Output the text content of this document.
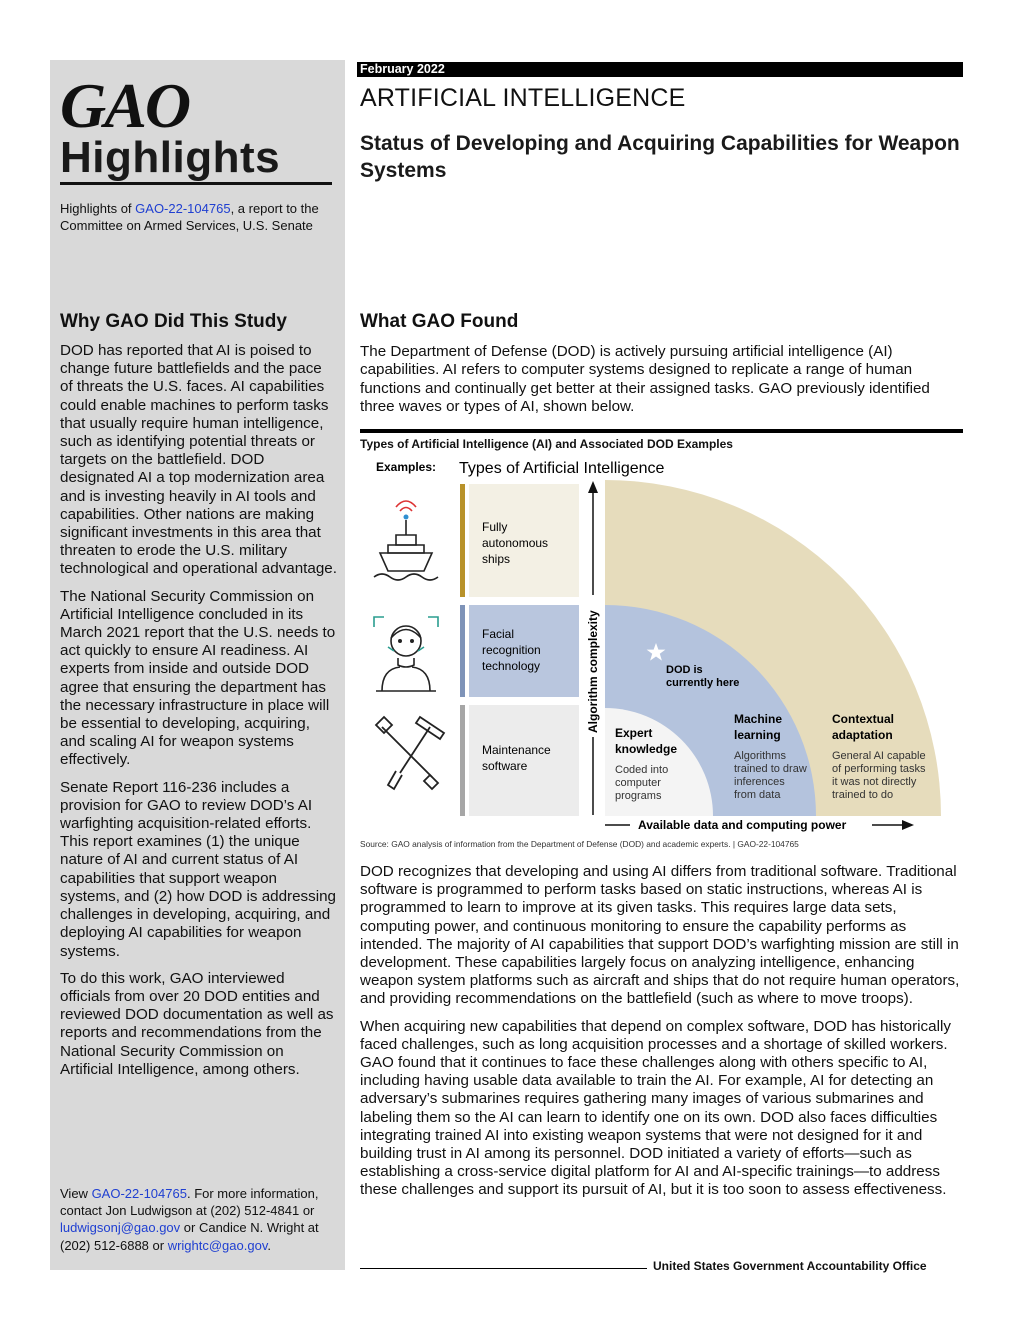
GAO
Highlights
Highlights of GAO-22-104765, a report to the Committee on Armed Services, U.S. Senate
Why GAO Did This Study

DOD has reported that AI is poised to change future battlefields and the pace of threats the U.S. faces. AI capabilities could enable machines to perform tasks that usually require human intelligence, such as identifying potential threats or targets on the battlefield. DOD designated AI a top modernization area and is investing heavily in AI tools and capabilities. Other nations are making significant investments in this area that threaten to erode the U.S. military technological and operational advantage.

The National Security Commission on Artificial Intelligence concluded in its March 2021 report that the U.S. needs to act quickly to ensure AI readiness. AI experts from inside and outside DOD agree that ensuring the department has the necessary infrastructure in place will be essential to developing, acquiring, and scaling AI for weapon systems effectively.

Senate Report 116-236 includes a provision for GAO to review DOD’s AI warfighting acquisition-related efforts. This report examines (1) the unique nature of AI and current status of AI capabilities that support weapon systems, and (2) how DOD is addressing challenges in developing, acquiring, and deploying AI capabilities for weapon systems.

To do this work, GAO interviewed officials from over 20 DOD entities and reviewed DOD documentation as well as reports and recommendations from the National Security Commission on Artificial Intelligence, among others.

View GAO-22-104765. For more information, contact Jon Ludwigson at (202) 512-4841 or ludwigsonj@gao.gov or Candice N. Wright at (202) 512-6888 or wrightc@gao.gov.
February 2022
ARTIFICIAL INTELLIGENCE
Status of Developing and Acquiring Capabilities for Weapon Systems
What GAO Found
The Department of Defense (DOD) is actively pursuing artificial intelligence (AI) capabilities. AI refers to computer systems designed to replicate a range of human functions and continually get better at their assigned tasks. GAO previously identified three waves or types of AI, shown below.
Types of Artificial Intelligence (AI) and Associated DOD Examples
Examples: Types of Artificial Intelligence
Fully autonomous ships
Facial recognition technology
Maintenance software
Algorithm complexity
Available data and computing power
DOD is
currently here
Expert knowledge
Coded into computer programs
Machine learning
Algorithms trained to draw inferences from data
Contextual adaptation
General AI capable of performing tasks it was not directly trained to do
Source: GAO analysis of information from the Department of Defense (DOD) and academic experts. | GAO-22-104765

DOD recognizes that developing and using AI differs from traditional software. Traditional software is programmed to perform tasks based on static instructions, whereas AI is programmed to learn to improve at its given tasks. This requires large data sets, computing power, and continuous monitoring to ensure the capability performs as intended. The majority of AI capabilities that support DOD’s warfighting mission are still in development. These capabilities largely focus on analyzing intelligence, enhancing weapon system platforms such as aircraft and ships that do not require human operators, and providing recommendations on the battlefield (such as where to move troops).

When acquiring new capabilities that depend on complex software, DOD has historically faced challenges, such as long acquisition processes and a shortage of skilled workers. GAO found that it continues to face these challenges along with others specific to AI, including having usable data available to train the AI. For example, AI for detecting an adversary’s submarines requires gathering many images of various submarines and labeling them so the AI can learn to identify one on its own. DOD also faces difficulties integrating trained AI into existing weapon systems that were not designed for it and building trust in AI among its personnel. DOD initiated a variety of efforts—such as establishing a cross-service digital platform for AI and AI-specific trainings—to address these challenges and support its pursuit of AI, but it is too soon to assess effectiveness.

United States Government Accountability Office
